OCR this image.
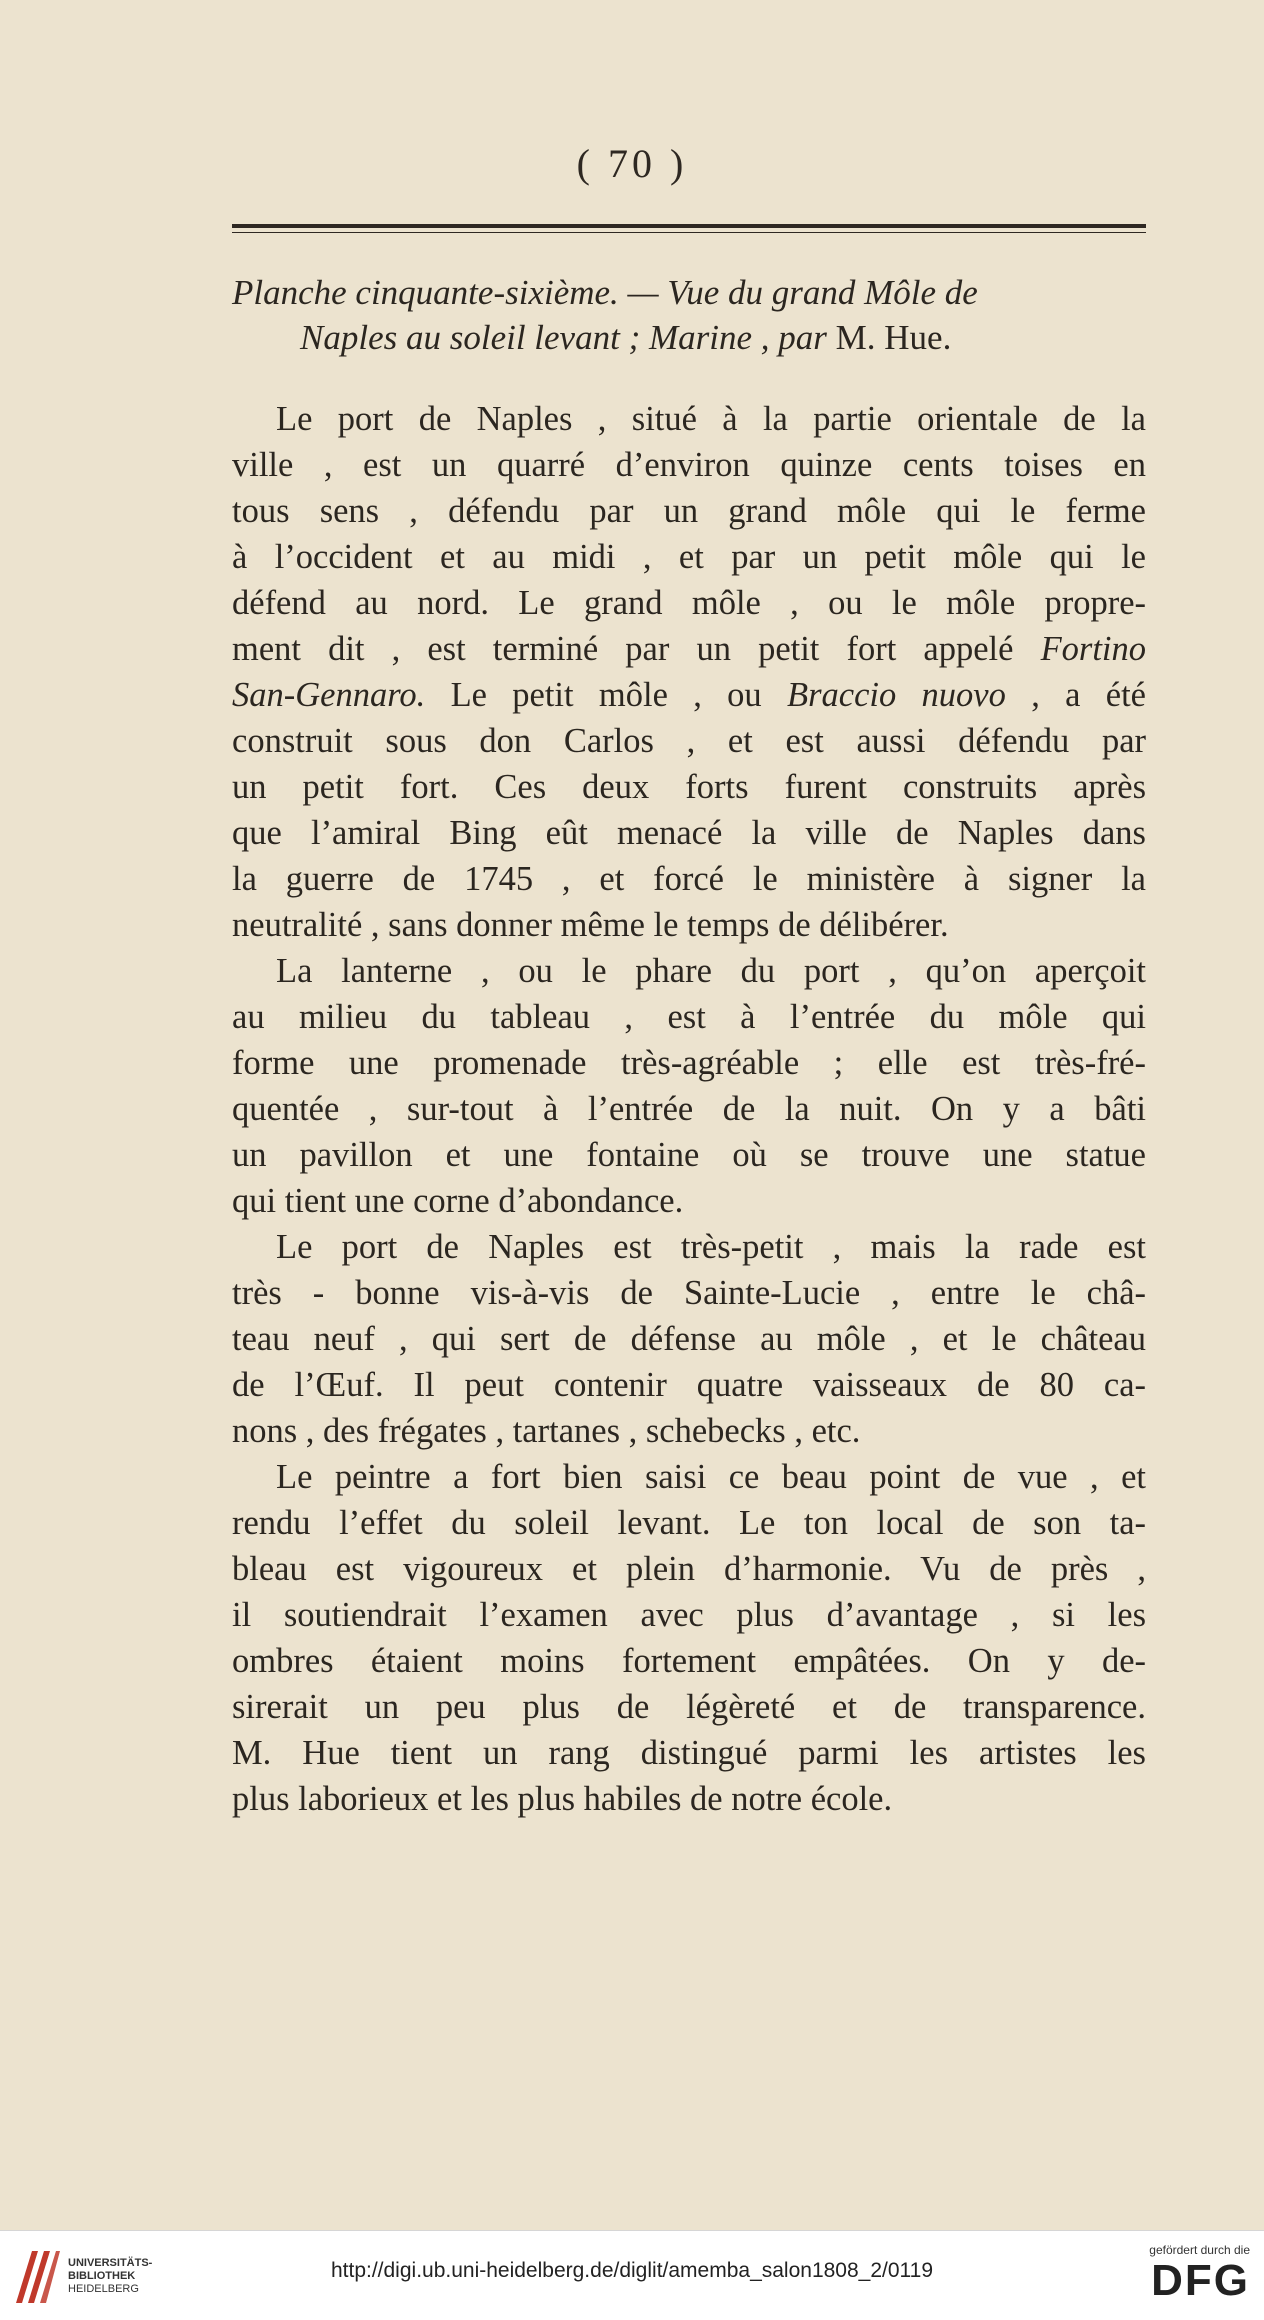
( 70 )
Planche cinquante-sixième. — Vue du grand Môle de
Naples au soleil levant ; Marine , par M. Hue.
Le port de Naples , situé à la partie orientale de la
ville , est un quarré d’environ quinze cents toises en
tous sens , défendu par un grand môle qui le ferme
à l’occident et au midi , et par un petit môle qui le
défend au nord. Le grand môle , ou le môle propre-
ment dit , est terminé par un petit fort appelé Fortino
San-Gennaro. Le petit môle , ou Braccio nuovo , a été
construit sous don Carlos , et est aussi défendu par
un petit fort. Ces deux forts furent construits après
que l’amiral Bing eût menacé la ville de Naples dans
la guerre de 1745 , et forcé le ministère à signer la
neutralité , sans donner même le temps de délibérer.
La lanterne , ou le phare du port , qu’on aperçoit
au milieu du tableau , est à l’entrée du môle qui
forme une promenade très-agréable ; elle est très-fré-
quentée , sur-tout à l’entrée de la nuit. On y a bâti
un pavillon et une fontaine où se trouve une statue
qui tient une corne d’abondance.
Le port de Naples est très-petit , mais la rade est
très - bonne vis-à-vis de Sainte-Lucie , entre le châ-
teau neuf , qui sert de défense au môle , et le château
de l’Œuf. Il peut contenir quatre vaisseaux de 80 ca-
nons , des frégates , tartanes , schebecks , etc.
Le peintre a fort bien saisi ce beau point de vue , et
rendu l’effet du soleil levant. Le ton local de son ta-
bleau est vigoureux et plein d’harmonie. Vu de près ,
il soutiendrait l’examen avec plus d’avantage , si les
ombres étaient moins fortement empâtées. On y de-
sirerait un peu plus de légèreté et de transparence.
M. Hue tient un rang distingué parmi les artistes les
plus laborieux et les plus habiles de notre école.
UNIVERSITÄTS-
BIBLIOTHEK
HEIDELBERG
http://digi.ub.uni-heidelberg.de/diglit/amemba_salon1808_2/0119
gefördert durch die
DFG
